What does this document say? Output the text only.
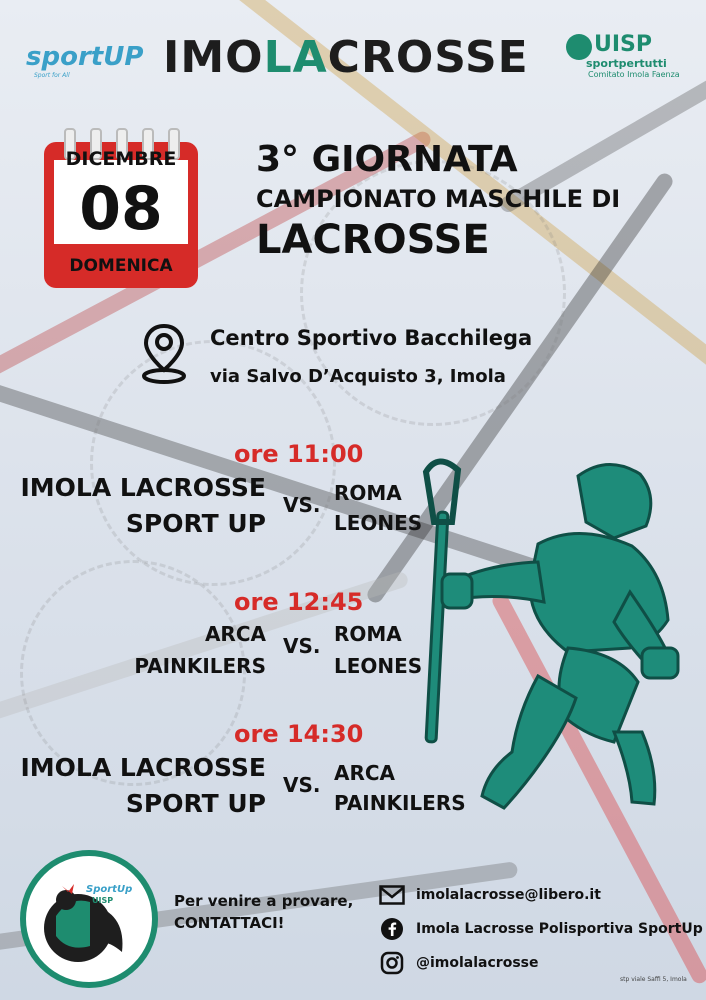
sportUP
Sport for All	IMOLACROSSE	UISP
sportpertutti
Comitato Imola Faenza
DICEMBRE
08
DOMENICA
3° GIORNATA
CAMPIONATO MASCHILE DI
LACROSSE
Centro Sportivo Bacchilega
via Salvo D’Acquisto 3, Imola
ore 11:00
IMOLA LACROSSE
SPORT UP
VS. ROMA
LEONES
ore 12:45
ARCA
PAINKILERS
VS. ROMA
LEONES
ore 14:30
IMOLA LACROSSE
SPORT UP
VS. ARCA
PAINKILERS
SportUp
UISP	Per venire a provare,
CONTATTACI!
imolalacrosse@libero.it
Imola Lacrosse Polisportiva SportUp
@imolalacrosse
stp viale Saffi 5, Imola
